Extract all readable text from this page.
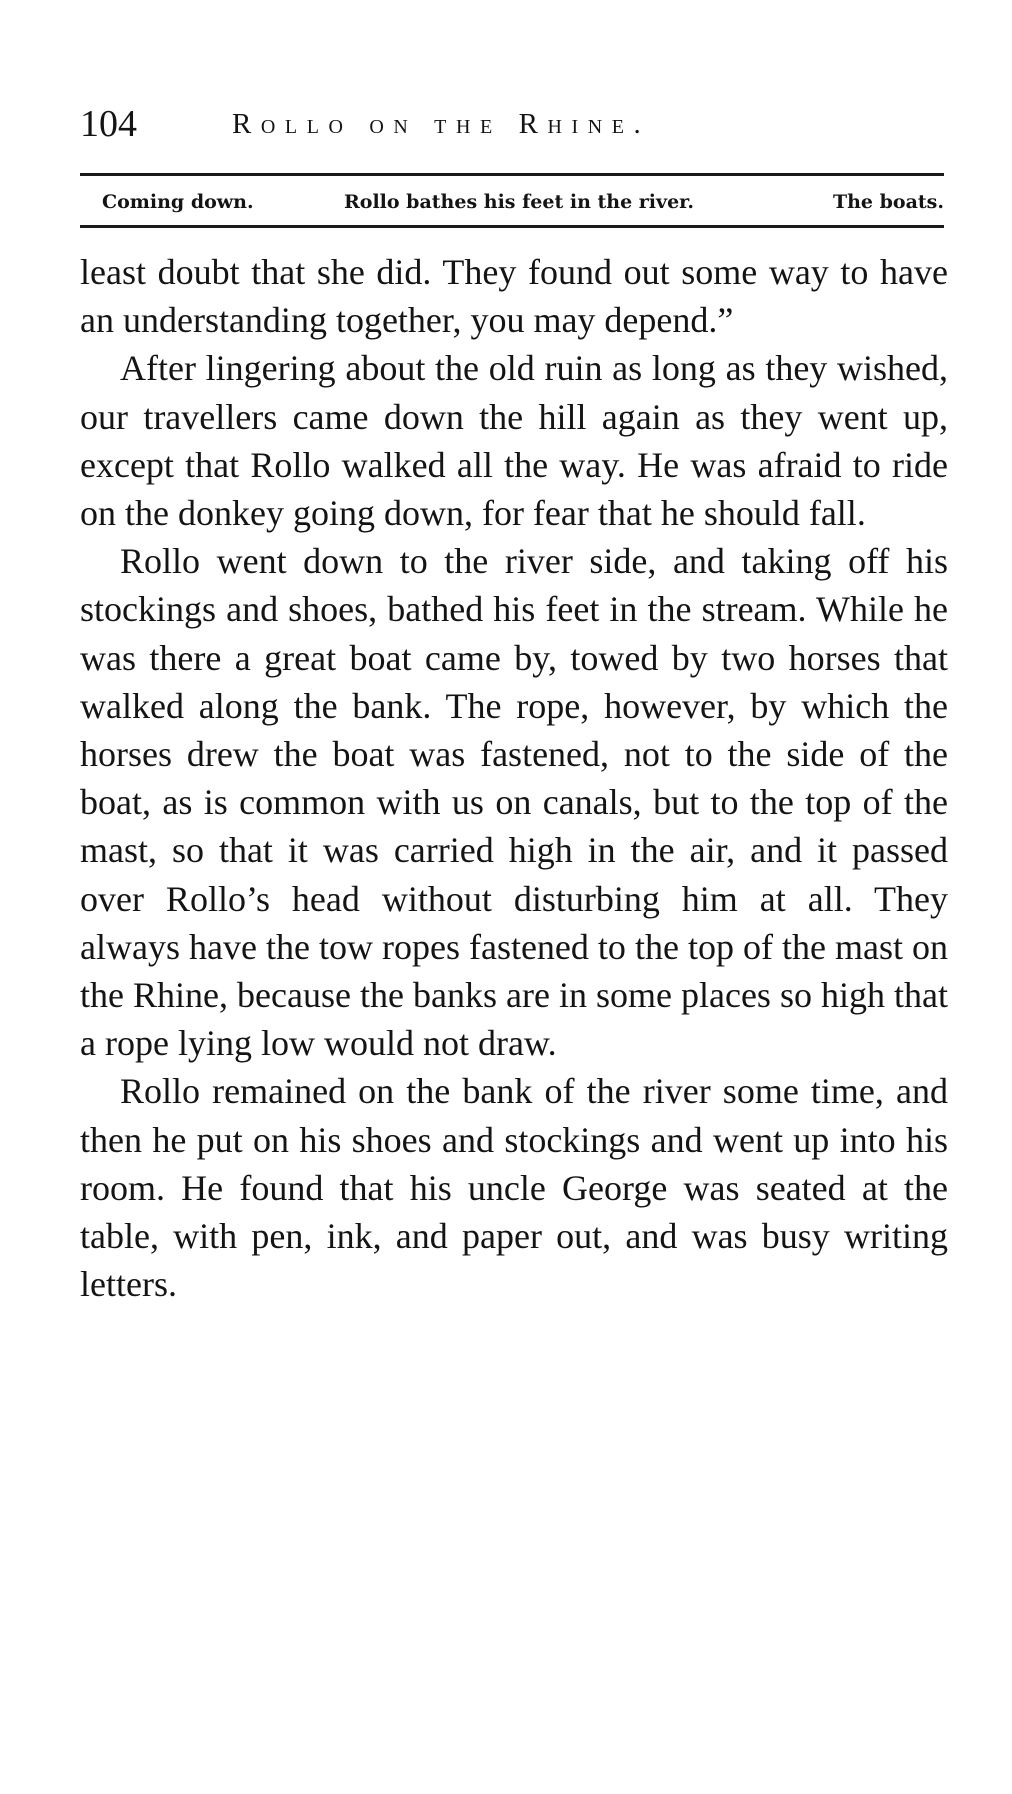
104	Rollo on the Rhine.
Coming down.	Rollo bathes his feet in the river.	The boats.

least doubt that she did. They found out some way to have an understanding together, you may depend.”

After lingering about the old ruin as long as they wished, our travellers came down the hill again as they went up, except that Rollo walked all the way. He was afraid to ride on the donkey going down, for fear that he should fall.

Rollo went down to the river side, and taking off his stockings and shoes, bathed his feet in the stream. While he was there a great boat came by, towed by two horses that walked along the bank. The rope, however, by which the horses drew the boat was fastened, not to the side of the boat, as is common with us on canals, but to the top of the mast, so that it was carried high in the air, and it passed over Rollo’s head without disturbing him at all. They always have the tow ropes fastened to the top of the mast on the Rhine, because the banks are in some places so high that a rope lying low would not draw.

Rollo remained on the bank of the river some time, and then he put on his shoes and stockings and went up into his room. He found that his uncle George was seated at the table, with pen, ink, and paper out, and was busy writing letters.
